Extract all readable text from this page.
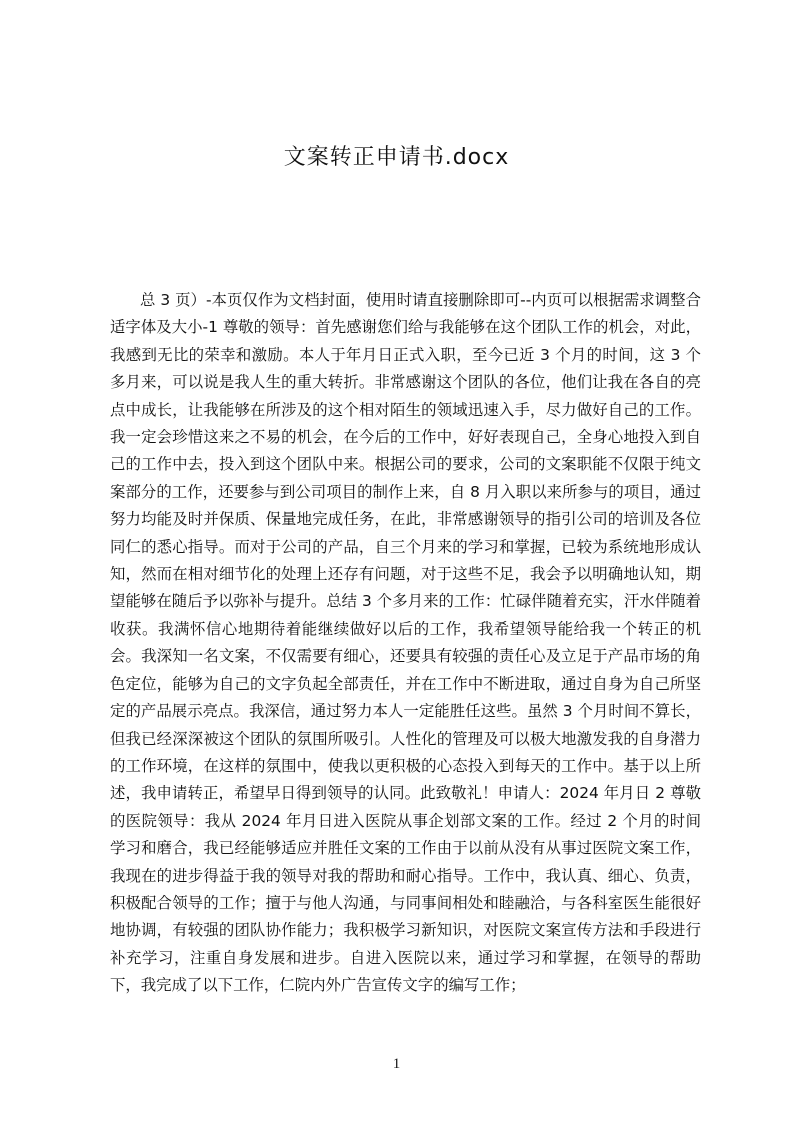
文案转正申请书.docx

总 3 页）-本页仅作为文档封面，使用时请直接删除即可--内页可以根据需求调整合适字体及大小-1 尊敬的领导：首先感谢您们给与我能够在这个团队工作的机会，对此，我感到无比的荣幸和激励。本人于年月日正式入职，至今已近 3 个月的时间，这 3 个多月来，可以说是我人生的重大转折。非常感谢这个团队的各位，他们让我在各自的亮点中成长，让我能够在所涉及的这个相对陌生的领域迅速入手，尽力做好自己的工作。我一定会珍惜这来之不易的机会，在今后的工作中，好好表现自己，全身心地投入到自己的工作中去，投入到这个团队中来。根据公司的要求，公司的文案职能不仅限于纯文案部分的工作，还要参与到公司项目的制作上来，自 8 月入职以来所参与的项目，通过努力均能及时并保质、保量地完成任务，在此，非常感谢领导的指引公司的培训及各位同仁的悉心指导。而对于公司的产品，自三个月来的学习和掌握，已较为系统地形成认知，然而在相对细节化的处理上还存有问题，对于这些不足，我会予以明确地认知，期望能够在随后予以弥补与提升。总结 3 个多月来的工作：忙碌伴随着充实，汗水伴随着收获。我满怀信心地期待着能继续做好以后的工作，我希望领导能给我一个转正的机会。我深知一名文案，不仅需要有细心，还要具有较强的责任心及立足于产品市场的角色定位，能够为自己的文字负起全部责任，并在工作中不断进取，通过自身为自己所坚定的产品展示亮点。我深信，通过努力本人一定能胜任这些。虽然 3 个月时间不算长，但我已经深深被这个团队的氛围所吸引。人性化的管理及可以极大地激发我的自身潜力的工作环境，在这样的氛围中，使我以更积极的心态投入到每天的工作中。基于以上所述，我申请转正，希望早日得到领导的认同。此致敬礼！申请人：2024 年月日 2 尊敬的医院领导：我从 2024 年月日进入医院从事企划部文案的工作。经过 2 个月的时间学习和磨合，我已经能够适应并胜任文案的工作由于以前从没有从事过医院文案工作，我现在的进步得益于我的领导对我的帮助和耐心指导。工作中，我认真、细心、负责，积极配合领导的工作；擅于与他人沟通，与同事间相处和睦融洽，与各科室医生能很好地协调，有较强的团队协作能力；我积极学习新知识，对医院文案宣传方法和手段进行补充学习，注重自身发展和进步。自进入医院以来，通过学习和掌握，在领导的帮助下，我完成了以下工作，仁院内外广告宣传文字的编写工作；

1
